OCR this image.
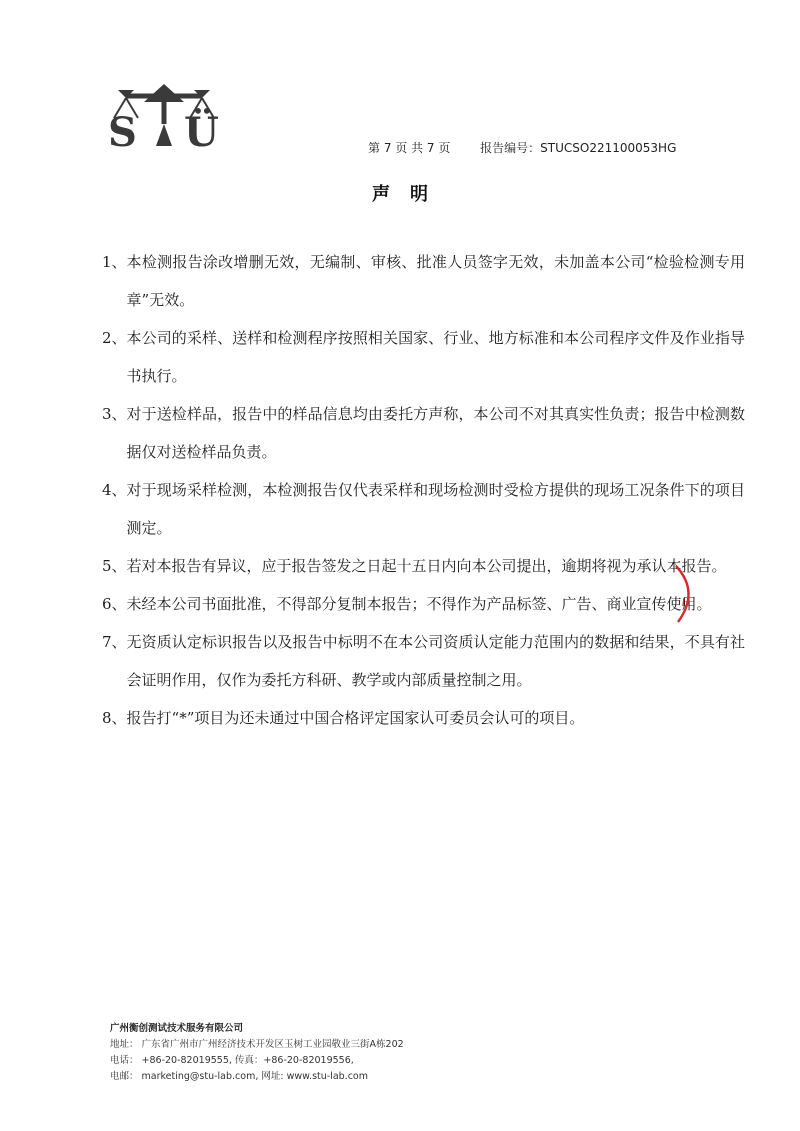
S Ü	第 7 页 共 7 页 报告编号：STUCSO221100053HG
声明
1、 本检测报告涂改增删无效，无编制、审核、批准人员签字无效，未加盖本公司“检验检测专用章”无效。
2、 本公司的采样、送样和检测程序按照相关国家、行业、地方标准和本公司程序文件及作业指导书执行。
3、 对于送检样品，报告中的样品信息均由委托方声称，本公司不对其真实性负责；报告中检测数据仅对送检样品负责。
4、 对于现场采样检测，本检测报告仅代表采样和现场检测时受检方提供的现场工况条件下的项目测定。
5、 若对本报告有异议，应于报告签发之日起十五日内向本公司提出，逾期将视为承认本报告。
6、 未经本公司书面批准，不得部分复制本报告；不得作为产品标签、广告、商业宣传使用。
7、 无资质认定标识报告以及报告中标明不在本公司资质认定能力范围内的数据和结果，不具有社会证明作用，仅作为委托方科研、教学或内部质量控制之用。
8、 报告打“*”项目为还未通过中国合格评定国家认可委员会认可的项目。
广州衡创测试技术服务有限公司
地址： 广东省广州市广州经济技术开发区玉树工业园敬业三街A栋202
电话： +86-20-82019555, 传真：+86-20-82019556,
电邮： marketing@stu-lab.com, 网址: www.stu-lab.com
